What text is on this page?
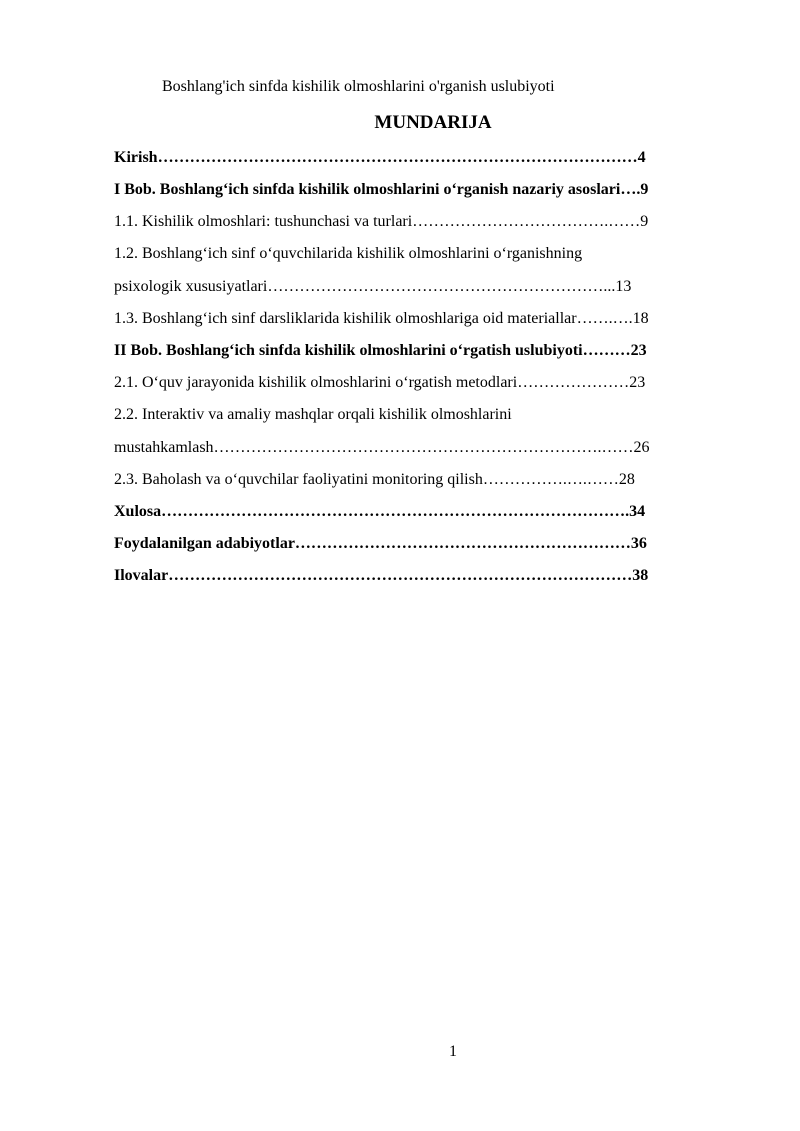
Boshlang'ich sinfda kishilik olmoshlarini o'rganish uslubiyoti
MUNDARIJA
Kirish………………………………………………………………………………4
I Bob. Boshlang‘ich sinfda kishilik olmoshlarini o‘rganish nazariy asoslari….9
1.1. Kishilik olmoshlari: tushunchasi va turlari……………………………….……9
1.2. Boshlang‘ich sinf o‘quvchilarida kishilik olmoshlarini o‘rganishning
psixologik xususiyatlari………………………………………………………...13
1.3. Boshlang‘ich sinf darsliklarida kishilik olmoshlariga oid materiallar…….….18
II Bob. Boshlang‘ich sinfda kishilik olmoshlarini o‘rgatish uslubiyoti………23
2.1. O‘quv jarayonida kishilik olmoshlarini o‘rgatish metodlari…………………23
2.2. Interaktiv va amaliy mashqlar orqali kishilik olmoshlarini
mustahkamlash……………………………………………………………….……26
2.3. Baholash va o‘quvchilar faoliyatini monitoring qilish…………….….……28
Xulosa…………………………………………………………………………….34
Foydalanilgan adabiyotlar………………………………………………………36
Ilovalar……………………………………………………………………………38
1
